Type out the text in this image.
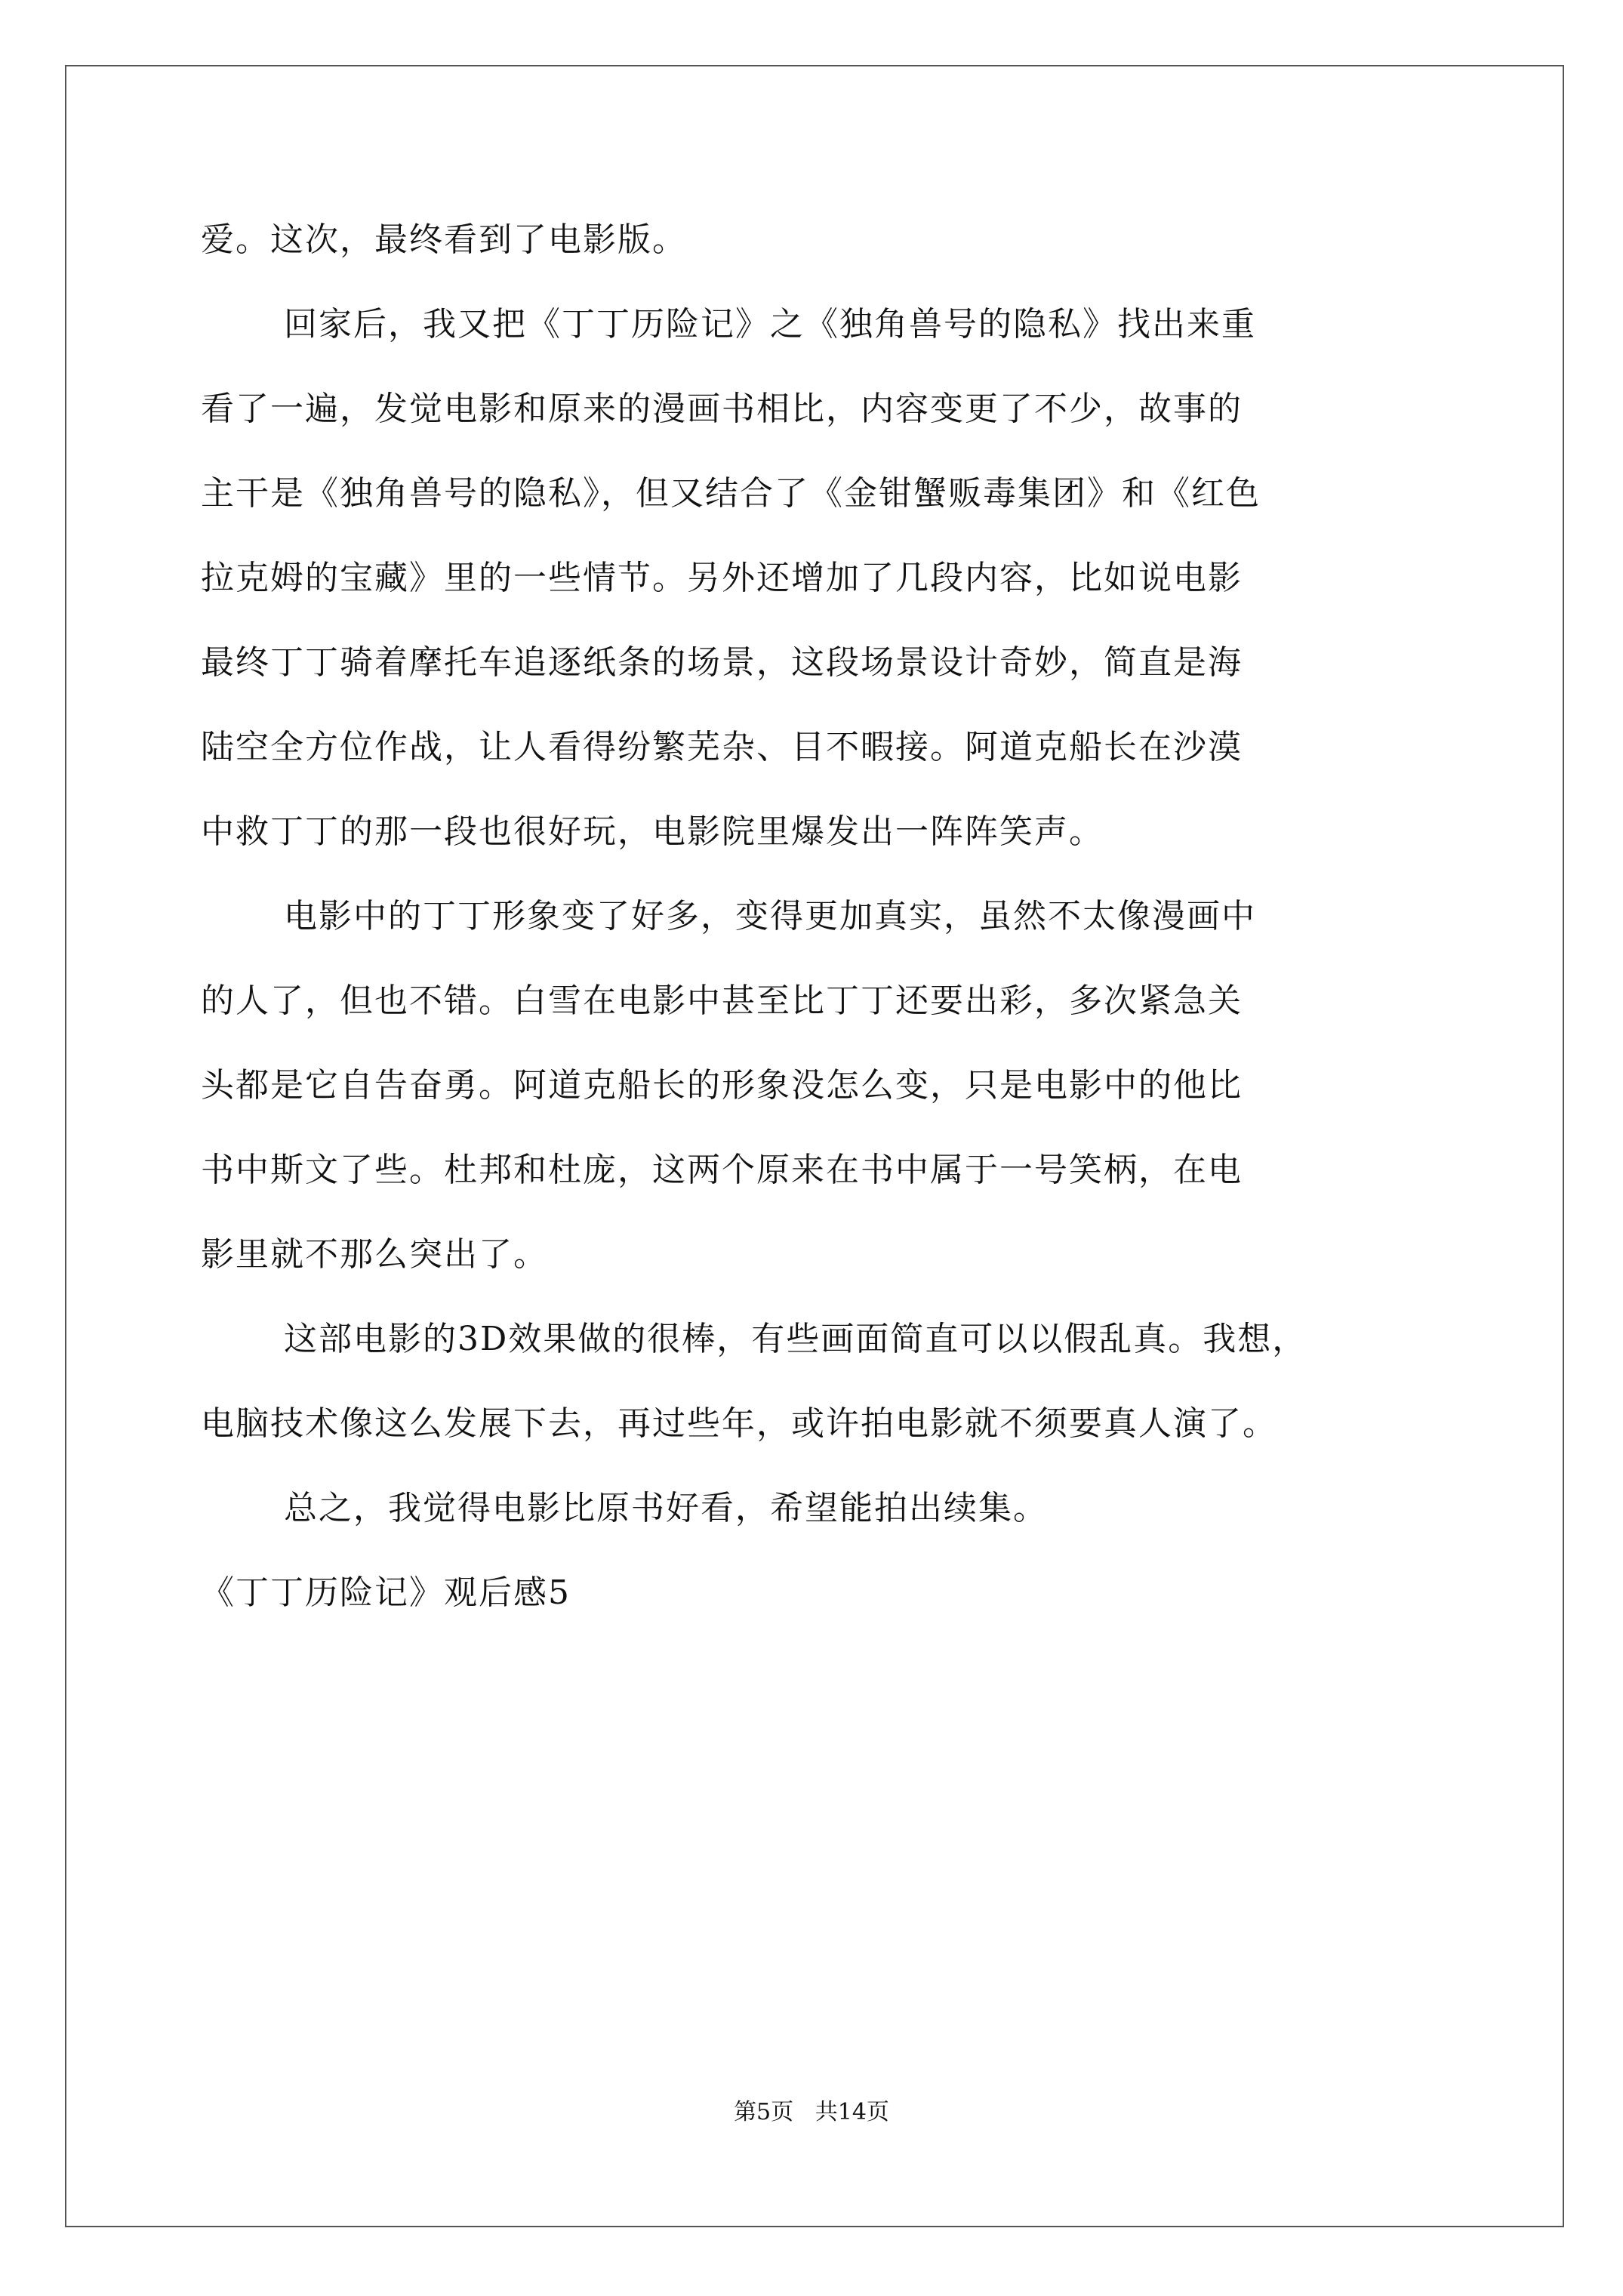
爱。这次，最终看到了电影版。
回家后，我又把《丁丁历险记》之《独角兽号的隐私》找出来重
看了一遍，发觉电影和原来的漫画书相比，内容变更了不少，故事的
主干是《独角兽号的隐私》，但又结合了《金钳蟹贩毒集团》和《红色
拉克姆的宝藏》里的一些情节。另外还增加了几段内容，比如说电影
最终丁丁骑着摩托车追逐纸条的场景，这段场景设计奇妙，简直是海
陆空全方位作战，让人看得纷繁芜杂、目不暇接。阿道克船长在沙漠
中救丁丁的那一段也很好玩，电影院里爆发出一阵阵笑声。
电影中的丁丁形象变了好多，变得更加真实，虽然不太像漫画中
的人了，但也不错。白雪在电影中甚至比丁丁还要出彩，多次紧急关
头都是它自告奋勇。阿道克船长的形象没怎么变，只是电影中的他比
书中斯文了些。杜邦和杜庞，这两个原来在书中属于一号笑柄，在电
影里就不那么突出了。
这部电影的3D效果做的很棒，有些画面简直可以以假乱真。我想，
电脑技术像这么发展下去，再过些年，或许拍电影就不须要真人演了。
总之，我觉得电影比原书好看，希望能拍出续集。
《丁丁历险记》观后感5
第5页   共14页
